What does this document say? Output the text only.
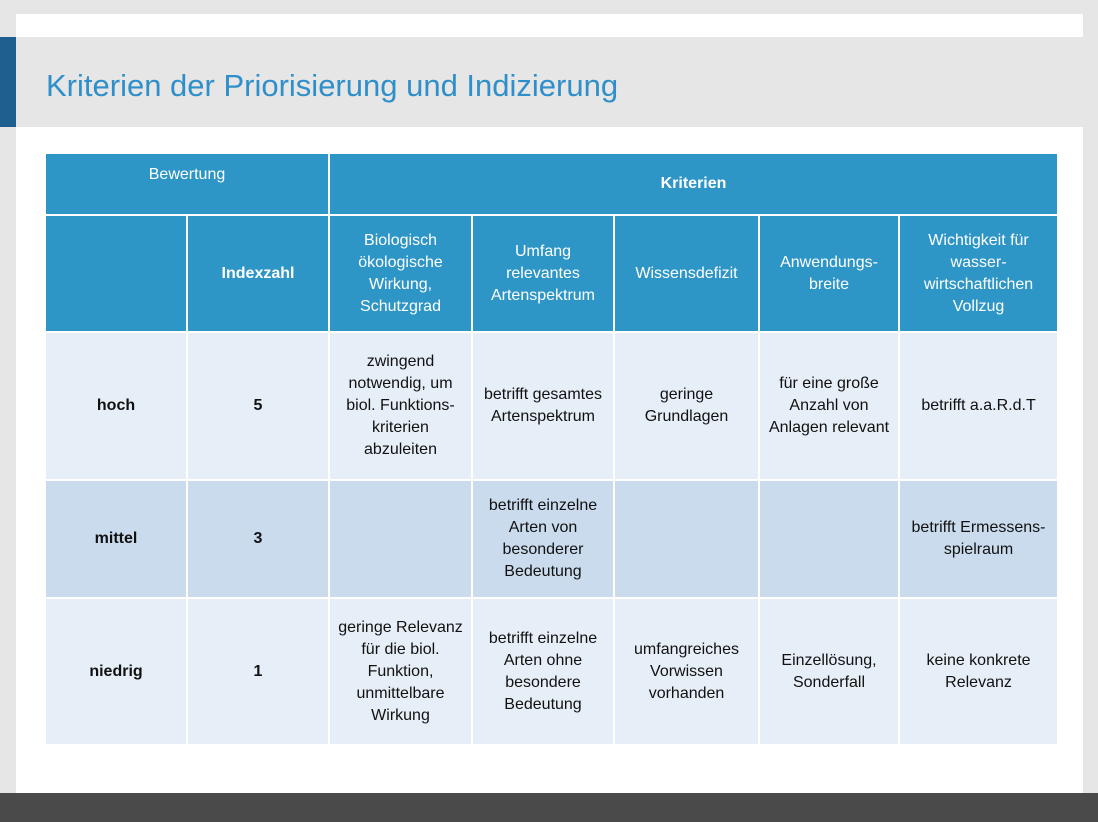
Kriterien der Priorisierung und Indizierung
Bewertung		Kriterien				
	Indexzahl	Biologisch ökologische Wirkung, Schutzgrad	Umfang relevantes Artenspektrum	Wissensdefizit	Anwendungs-breite	Wichtigkeit für wasser-wirtschaftlichen Vollzug
hoch	5	zwingend notwendig, um biol. Funktions-kriterien abzuleiten	betrifft gesamtes Artenspektrum	geringe Grundlagen	für eine große Anzahl von Anlagen relevant	betrifft a.a.R.d.T
mittel	3		betrifft einzelne Arten von besonderer Bedeutung			betrifft Ermessens-spielraum
niedrig	1	geringe Relevanz für die biol. Funktion, unmittelbare Wirkung	betrifft einzelne Arten ohne besondere Bedeutung	umfangreiches Vorwissen vorhanden	Einzellösung, Sonderfall	keine konkrete Relevanz
